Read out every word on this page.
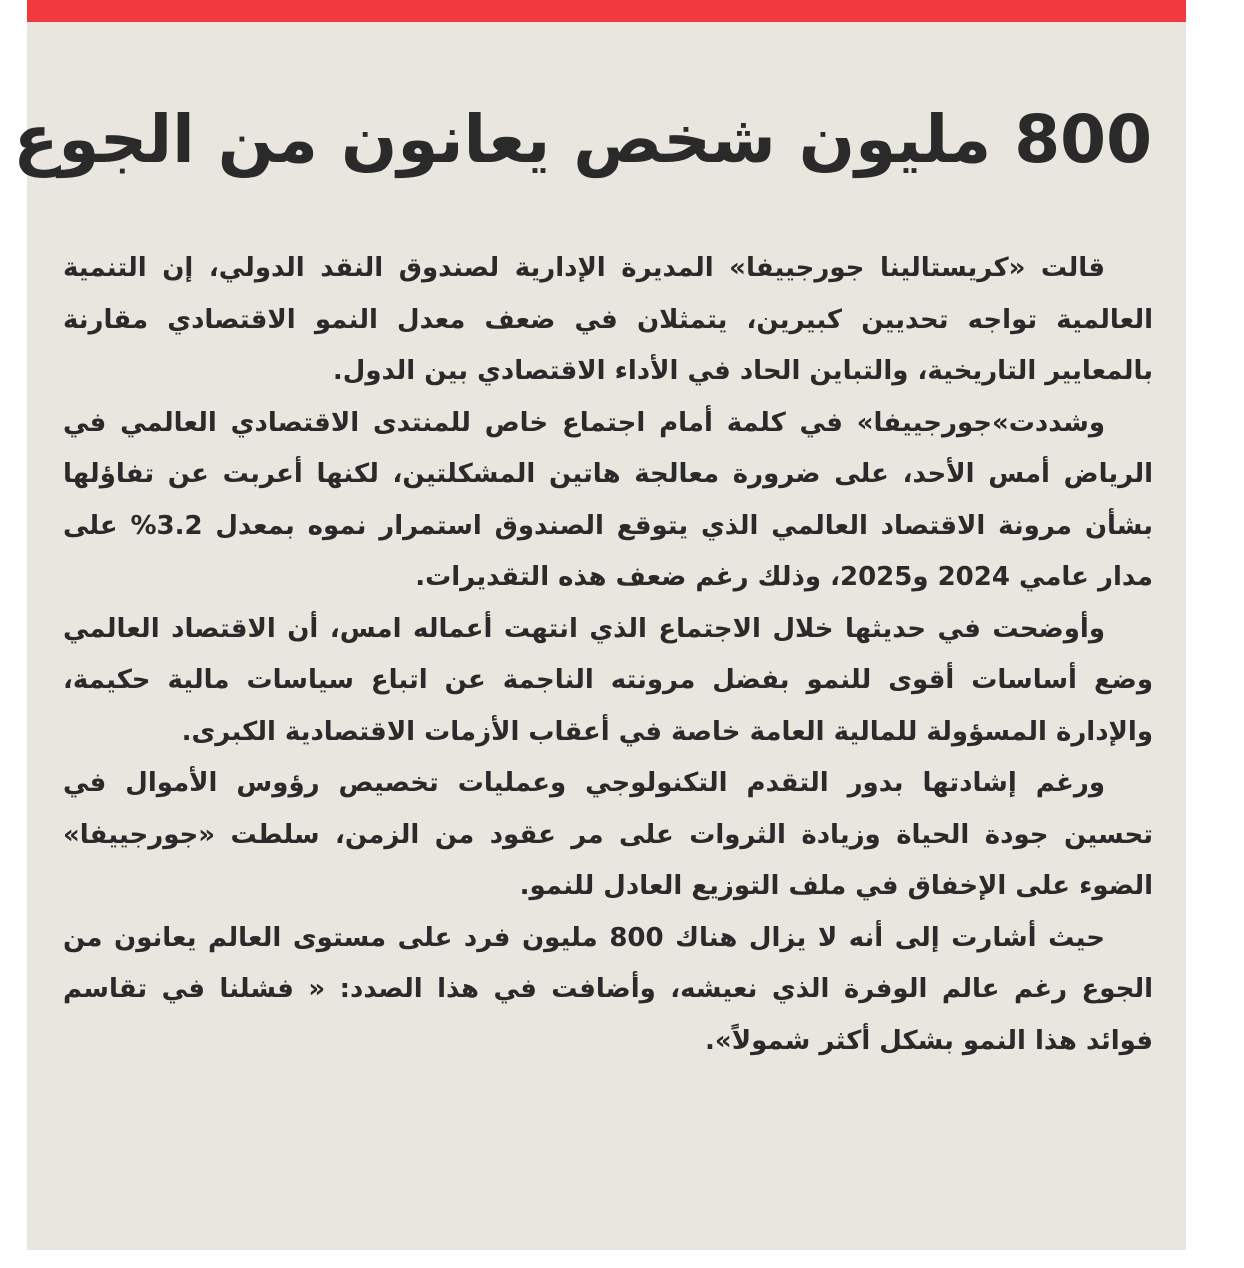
800 مليون شخص يعانون من الجوع

قالت «كريستالينا جورجييفا» المديرة الإدارية لصندوق النقد الدولي، إن التنمية العالمية تواجه تحديين كبيرين، يتمثلان في ضعف معدل النمو الاقتصادي مقارنة بالمعايير التاريخية، والتباين الحاد في الأداء الاقتصادي بين الدول.

وشددت»جورجييفا» في كلمة أمام اجتماع خاص للمنتدى الاقتصادي العالمي في الرياض أمس الأحد، على ضرورة معالجة هاتين المشكلتين، لكنها أعربت عن تفاؤلها بشأن مرونة الاقتصاد العالمي الذي يتوقع الصندوق استمرار نموه بمعدل 3.2% على مدار عامي 2024 و2025، وذلك رغم ضعف هذه التقديرات.

وأوضحت في حديثها خلال الاجتماع الذي انتهت أعماله امس، أن الاقتصاد العالمي وضع أساسات أقوى للنمو بفضل مرونته الناجمة عن اتباع سياسات مالية حكيمة، والإدارة المسؤولة للمالية العامة خاصة في أعقاب الأزمات الاقتصادية الكبرى.

ورغم إشادتها بدور التقدم التكنولوجي وعمليات تخصيص رؤوس الأموال في تحسين جودة الحياة وزيادة الثروات على مر عقود من الزمن، سلطت «جورجييفا» الضوء على الإخفاق في ملف التوزيع العادل للنمو.

حيث أشارت إلى أنه لا يزال هناك 800 مليون فرد على مستوى العالم يعانون من الجوع رغم عالم الوفرة الذي نعيشه، وأضافت في هذا الصدد: « فشلنا في تقاسم فوائد هذا النمو بشكل أكثر شمولاً».
